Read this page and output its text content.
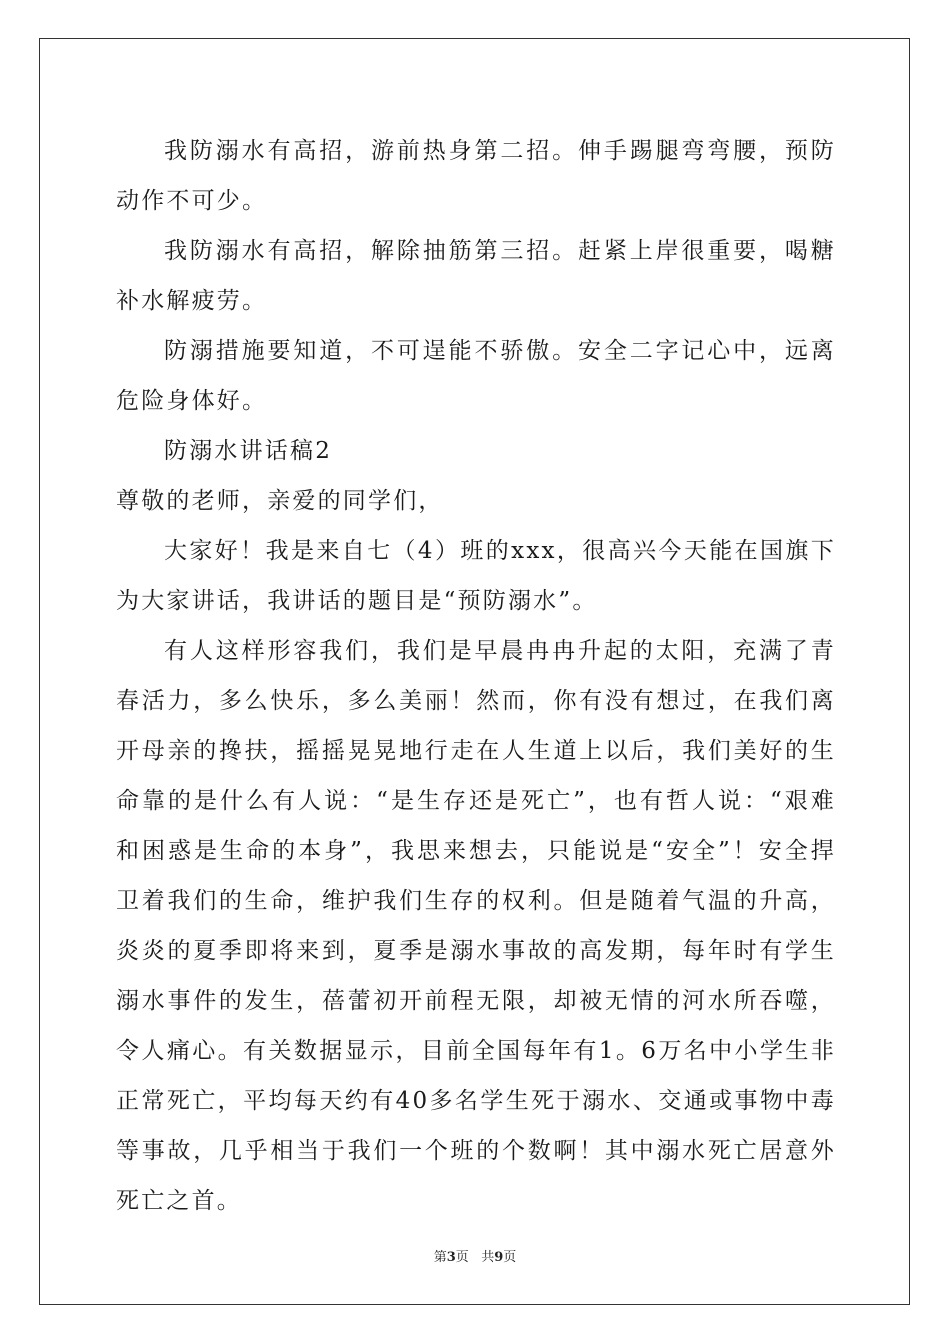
我防溺水有高招，游前热身第二招。伸手踢腿弯弯腰，预防动作不可少。

我防溺水有高招，解除抽筋第三招。赶紧上岸很重要，喝糖补水解疲劳。

防溺措施要知道，不可逞能不骄傲。安全二字记心中，远离危险身体好。

防溺水讲话稿2

尊敬的老师，亲爱的同学们，

大家好！我是来自七（4）班的xxx，很高兴今天能在国旗下为大家讲话，我讲话的题目是“预防溺水”。

有人这样形容我们，我们是早晨冉冉升起的太阳，充满了青春活力，多么快乐，多么美丽！然而，你有没有想过，在我们离开母亲的搀扶，摇摇晃晃地行走在人生道上以后，我们美好的生命靠的是什么有人说：“是生存还是死亡”，也有哲人说：“艰难和困惑是生命的本身”，我思来想去，只能说是“安全”！安全捍卫着我们的生命，维护我们生存的权利。但是随着气温的升高，炎炎的夏季即将来到，夏季是溺水事故的高发期，每年时有学生溺水事件的发生，蓓蕾初开前程无限，却被无情的河水所吞噬，令人痛心。有关数据显示，目前全国每年有1。6万名中小学生非正常死亡，平均每天约有40多名学生死于溺水、交通或事物中毒等事故，几乎相当于我们一个班的个数啊！其中溺水死亡居意外死亡之首。

第3页 共9页
